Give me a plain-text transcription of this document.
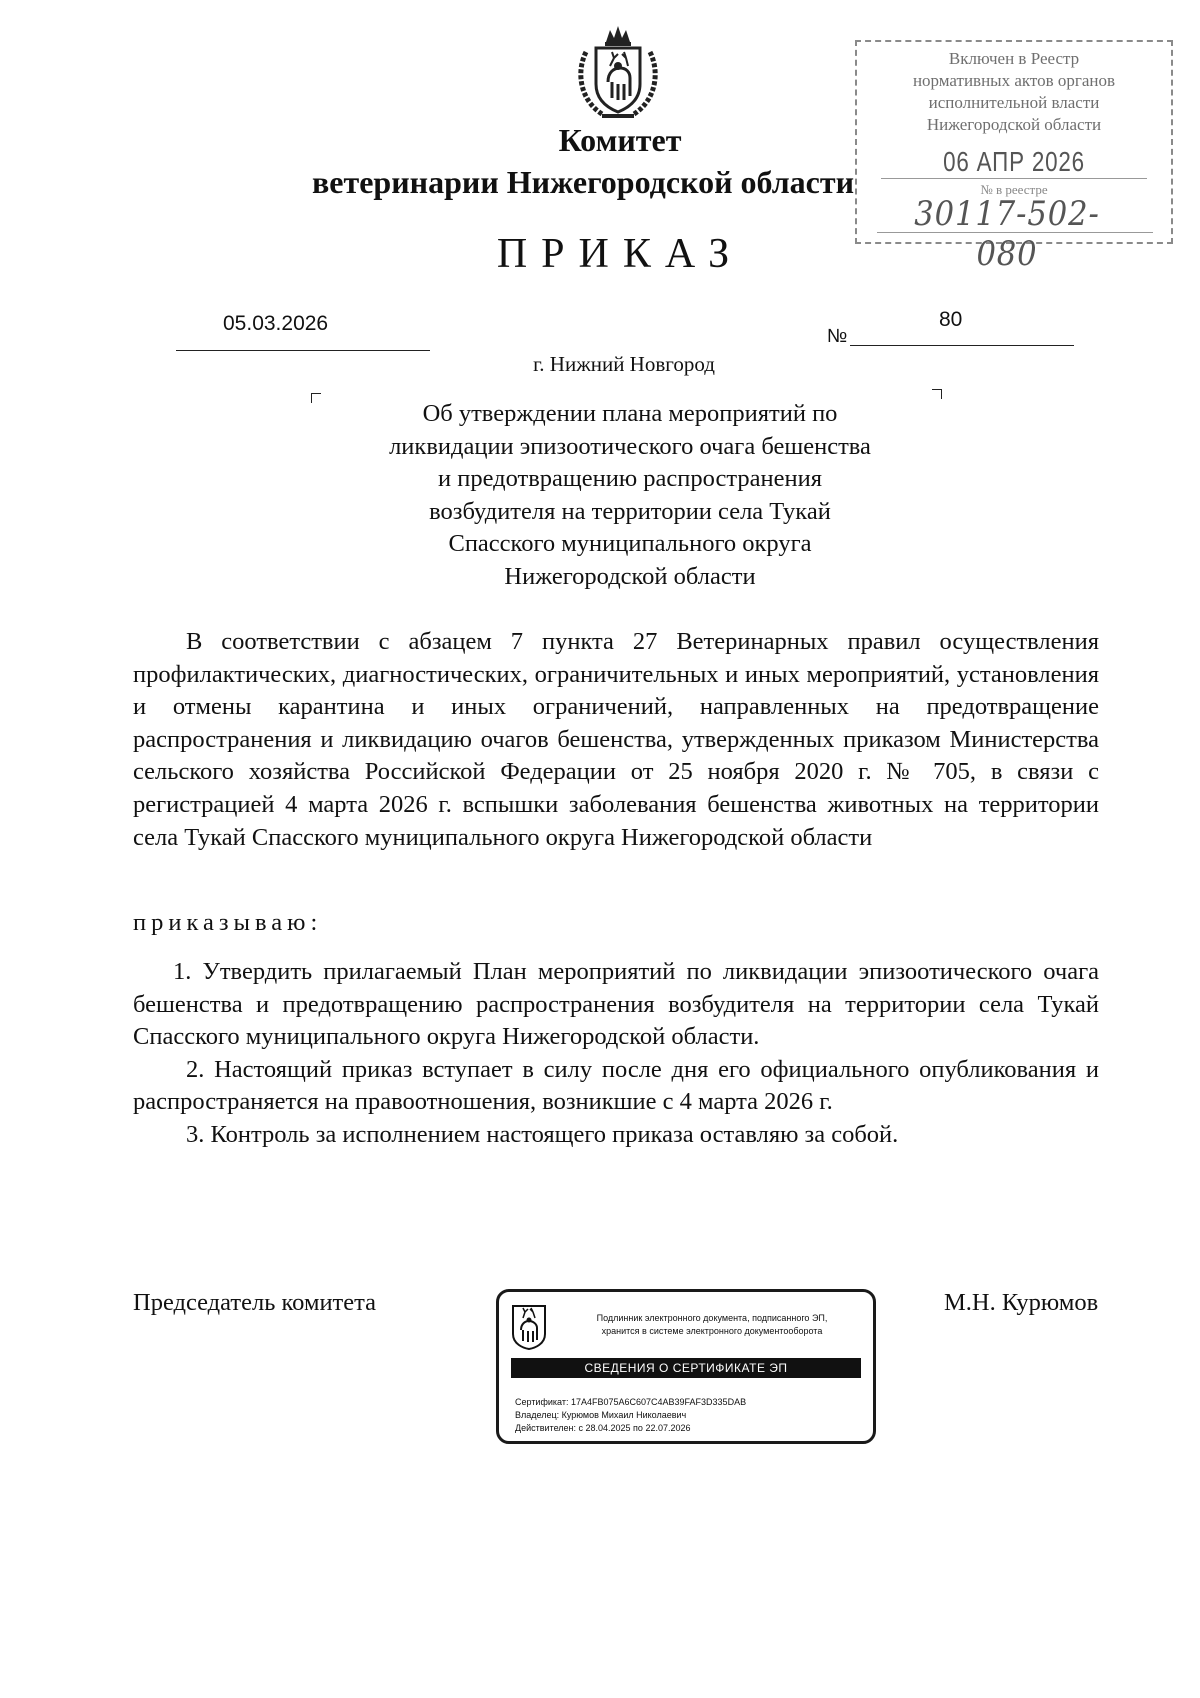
Комитет
ветеринарии Нижегородской области
ПРИКАЗ
05.03.2026
№
80
г. Нижний Новгород
Об утверждении плана мероприятий по
ликвидации эпизоотического очага бешенства
и предотвращению распространения
возбудителя на территории села Тукай
Спасского муниципального округа
Нижегородской области

В соответствии с абзацем 7 пункта 27 Ветеринарных правил осуществления профилактических, диагностических, ограничительных и иных мероприятий, установления и отмены карантина и иных ограничений, направленных на предотвращение распространения и ликвидацию очагов бешенства, утвержденных приказом Министерства сельского хозяйства Российской Федерации от 25 ноября 2020 г. № 705, в связи с регистрацией 4 марта 2026 г. вспышки заболевания бешенства животных на территории села Тукай Спасского муниципального округа Нижегородской области

приказываю:

1. Утвердить прилагаемый План мероприятий по ликвидации эпизоотического очага бешенства и предотвращению распространения возбудителя на территории села Тукай Спасского муниципального округа Нижегородской области.

2. Настоящий приказ вступает в силу после дня его официального опубликования и распространяется на правоотношения, возникшие с 4 марта 2026 г.

3. Контроль за исполнением настоящего приказа оставляю за собой.

Председатель комитета	М.Н. Курюмов
Включен в Реестр
нормативных актов органов
исполнительной власти
Нижегородской области
06 АПР 2026
№ в реестре
30117-502-080
Подлинник электронного документа, подписанного ЭП,
хранится в системе электронного документооборота
СВЕДЕНИЯ О СЕРТИФИКАТЕ ЭП
Сертификат: 17A4FB075A6C607C4AB39FAF3D335DAB
Владелец: Курюмов Михаил Николаевич
Действителен: с 28.04.2025 по 22.07.2026
